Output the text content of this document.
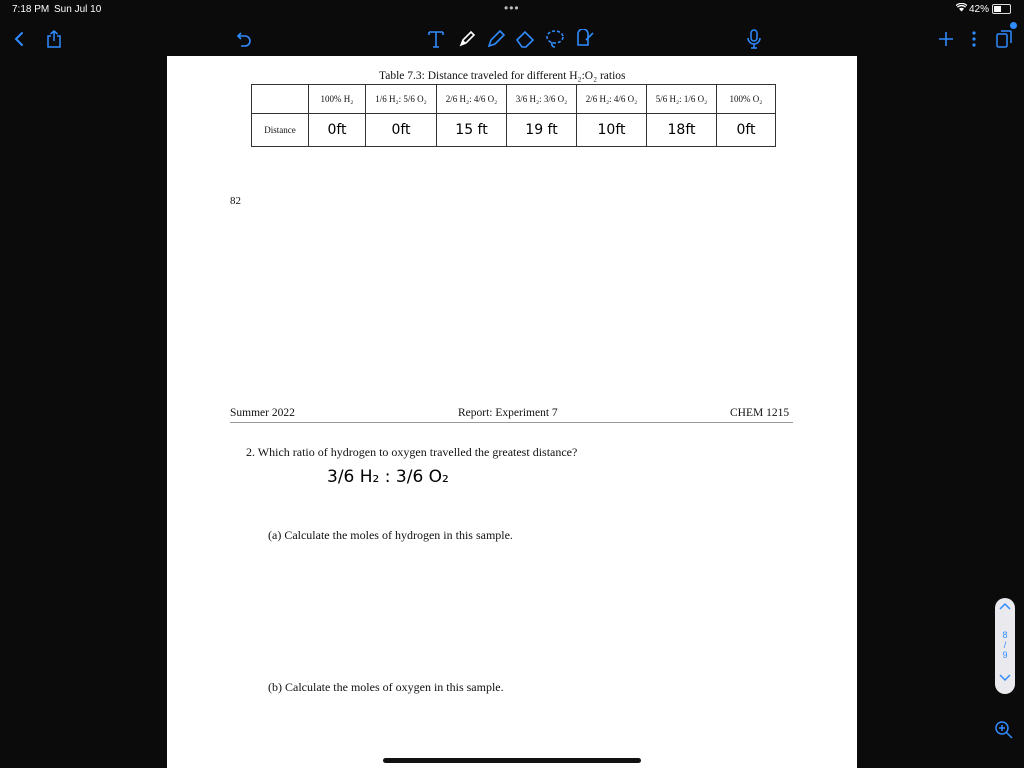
7:18 PM Sun Jul 10	•••	42%
Table 7.3: Distance traveled for different H₂:O₂ ratios
	100% H₂	1/6 H₂: 5/6 O₂	2/6 H₂: 4/6 O₂	3/6 H₂: 3/6 O₂	2/6 H₂: 4/6 O₂	5/6 H₂: 1/6 O₂	100% O₂
Distance	0ft	0ft	15 ft	19 ft	10ft	18ft	0ft
82
Summer 2022	Report: Experiment 7	CHEM 1215
2. Which ratio of hydrogen to oxygen travelled the greatest distance?
3/6 H₂ : 3/6 O₂
(a) Calculate the moles of hydrogen in this sample.
(b) Calculate the moles of oxygen in this sample.
8
/
9
